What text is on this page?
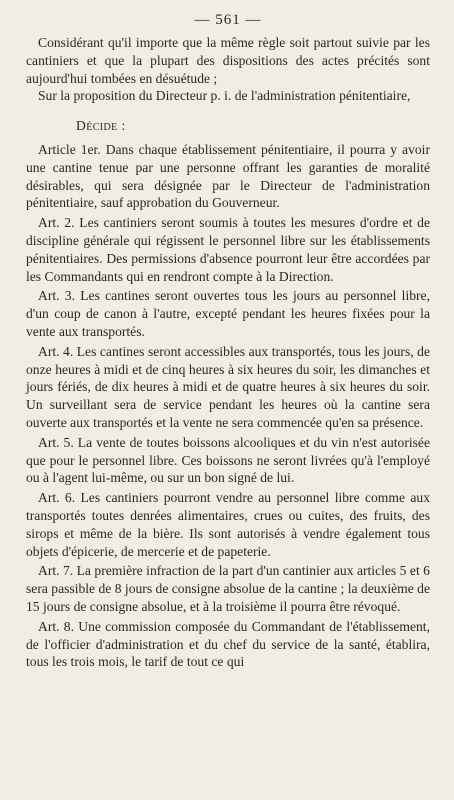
— 561 —

Considérant qu'il importe que la même règle soit partout suivie par les cantiniers et que la plupart des dispositions des actes précités sont aujourd'hui tombées en désuétude ;

Sur la proposition du Directeur p. i. de l'administration pénitentiaire,

Décide :

Article 1er. Dans chaque établissement pénitentiaire, il pourra y avoir une cantine tenue par une personne offrant les garanties de moralité désirables, qui sera désignée par le Directeur de l'administration pénitentiaire, sauf approbation du Gouverneur.

Art. 2. Les cantiniers seront soumis à toutes les mesures d'ordre et de discipline générale qui régissent le personnel libre sur les établissements pénitentiaires. Des permissions d'absence pourront leur être accordées par les Commandants qui en rendront compte à la Direction.

Art. 3. Les cantines seront ouvertes tous les jours au personnel libre, d'un coup de canon à l'autre, excepté pendant les heures fixées pour la vente aux transportés.

Art. 4. Les cantines seront accessibles aux transportés, tous les jours, de onze heures à midi et de cinq heures à six heures du soir, les dimanches et jours fériés, de dix heures à midi et de quatre heures à six heures du soir. Un surveillant sera de service pendant les heures où la cantine sera ouverte aux transportés et la vente ne sera commencée qu'en sa présence.

Art. 5. La vente de toutes boissons alcooliques et du vin n'est autorisée que pour le personnel libre. Ces boissons ne seront livrées qu'à l'employé ou à l'agent lui-même, ou sur un bon signé de lui.

Art. 6. Les cantiniers pourront vendre au personnel libre comme aux transportés toutes denrées alimentaires, crues ou cuites, des fruits, des sirops et même de la bière. Ils sont autorisés à vendre également tous objets d'épicerie, de mercerie et de papeterie.

Art. 7. La première infraction de la part d'un cantinier aux articles 5 et 6 sera passible de 8 jours de consigne absolue de la cantine ; la deuxième de 15 jours de consigne absolue, et à la troisième il pourra être révoqué.

Art. 8. Une commission composée du Commandant de l'établissement, de l'officier d'administration et du chef du service de la santé, établira, tous les trois mois, le tarif de tout ce qui
